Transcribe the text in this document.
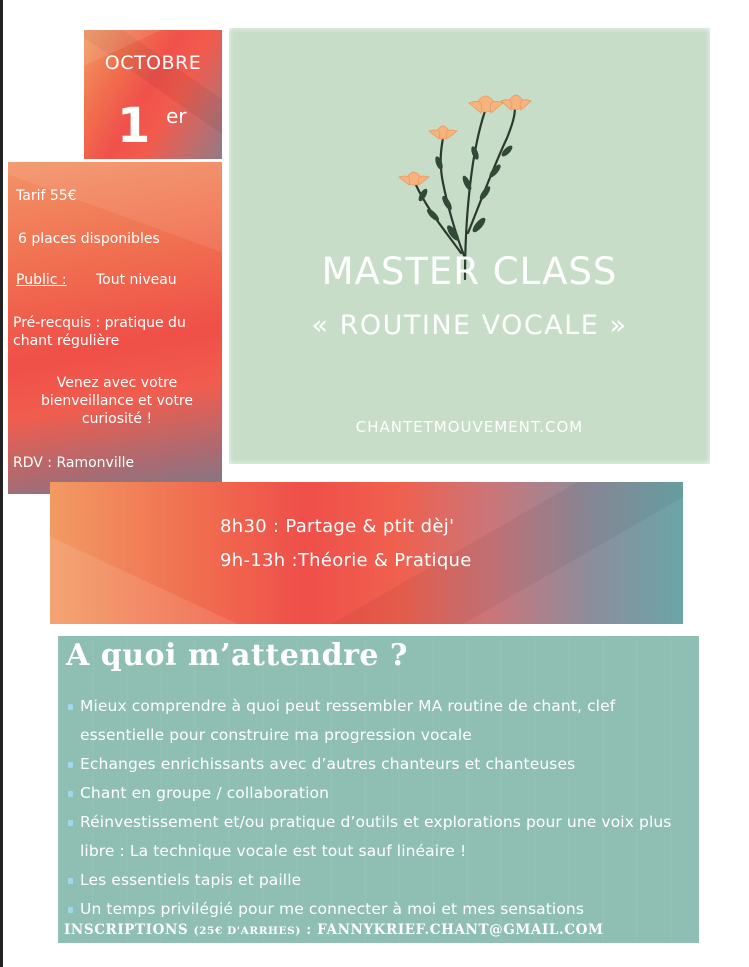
OCTOBRE
1 er
Tarif 55€
6 places disponibles
Public : Tout niveau
Pré-recquis : pratique du chant régulière
Venez avec votre bienveillance et votre curiosité !
RDV : Ramonville
MASTER CLASS
« ROUTINE VOCALE »
CHANTETMOUVEMENT.COM
8h30 : Partage & ptit dèj'
9h-13h :Théorie & Pratique
A quoi m’attendre ?
Mieux comprendre à quoi peut ressembler MA routine de chant, clef essentielle pour construire ma progression vocale
Echanges enrichissants avec d’autres chanteurs et chanteuses
Chant en groupe / collaboration
Réinvestissement et/ou pratique d’outils et explorations pour une voix plus libre : La technique vocale est tout sauf linéaire !
Les essentiels tapis et paille
Un temps privilégié pour me connecter à moi et mes sensations
INSCRIPTIONS (25€ D'ARRHES) : FANNYKRIEF.CHANT@GMAIL.COM
